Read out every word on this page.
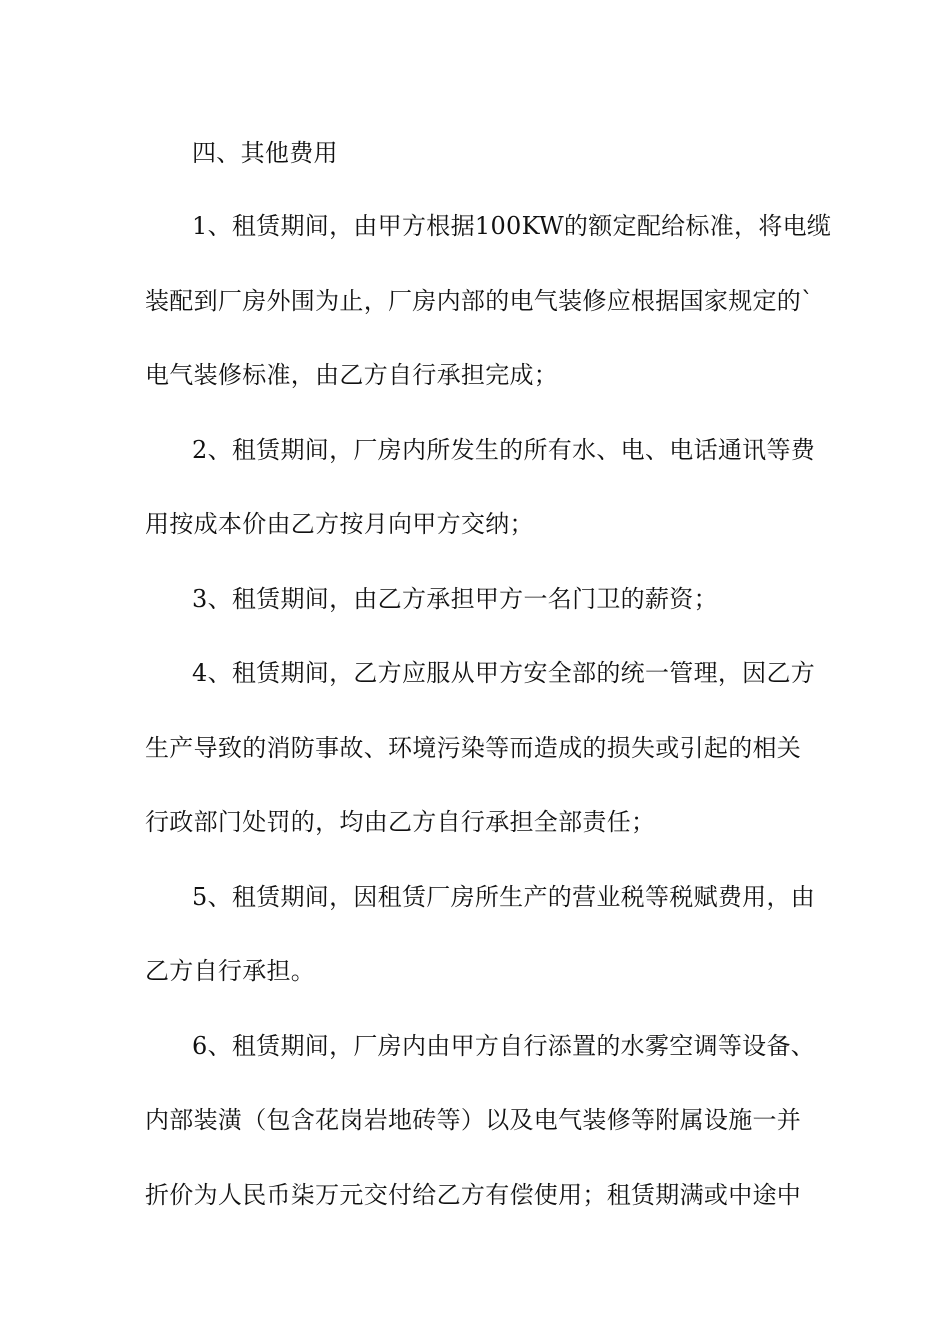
四、其他费用
1、租赁期间，由甲方根据100KW的额定配给标准，将电缆
装配到厂房外围为止，厂房内部的电气装修应根据国家规定的`
电气装修标准，由乙方自行承担完成；
2、租赁期间，厂房内所发生的所有水、电、电话通讯等费
用按成本价由乙方按月向甲方交纳；
3、租赁期间，由乙方承担甲方一名门卫的薪资；
4、租赁期间，乙方应服从甲方安全部的统一管理，因乙方
生产导致的消防事故、环境污染等而造成的损失或引起的相关
行政部门处罚的，均由乙方自行承担全部责任；
5、租赁期间，因租赁厂房所生产的营业税等税赋费用，由
乙方自行承担。
6、租赁期间，厂房内由甲方自行添置的水雾空调等设备、
内部装潢（包含花岗岩地砖等）以及电气装修等附属设施一并
折价为人民币柒万元交付给乙方有偿使用；租赁期满或中途中
